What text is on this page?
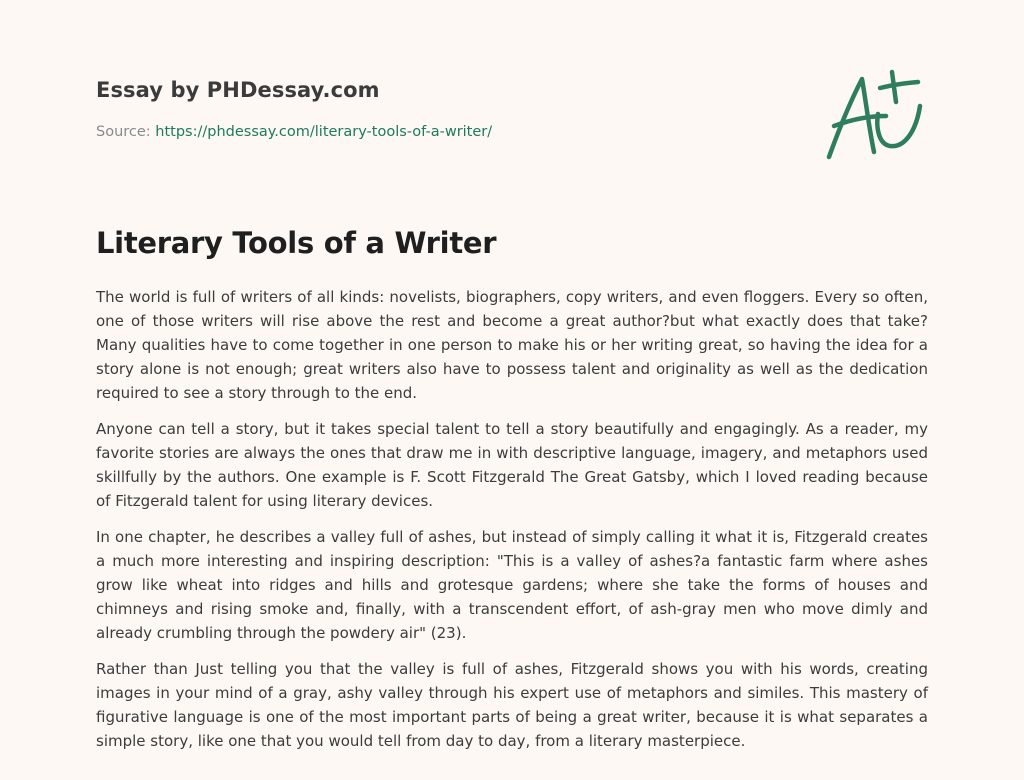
Essay by PHDessay.com
Source: https://phdessay.com/literary-tools-of-a-writer/
Literary Tools of a Writer

The world is full of writers of all kinds: novelists, biographers, copy writers, and even floggers. Every so often, one of those writers will rise above the rest and become a great author?but what exactly does that take? Many qualities have to come together in one person to make his or her writing great, so having the idea for a story alone is not enough; great writers also have to possess talent and originality as well as the dedication required to see a story through to the end.

Anyone can tell a story, but it takes special talent to tell a story beautifully and engagingly. As a reader, my favorite stories are always the ones that draw me in with descriptive language, imagery, and metaphors used skillfully by the authors. One example is F. Scott Fitzgerald The Great Gatsby, which I loved reading because of Fitzgerald talent for using literary devices.

In one chapter, he describes a valley full of ashes, but instead of simply calling it what it is, Fitzgerald creates a much more interesting and inspiring description: "This is a valley of ashes?a fantastic farm where ashes grow like wheat into ridges and hills and grotesque gardens; where she take the forms of houses and chimneys and rising smoke and, finally, with a transcendent effort, of ash-gray men who move dimly and already crumbling through the powdery air" (23).

Rather than Just telling you that the valley is full of ashes, Fitzgerald shows you with his words, creating images in your mind of a gray, ashy valley through his expert use of metaphors and similes. This mastery of figurative language is one of the most important parts of being a great writer, because it is what separates a simple story, like one that you would tell from day to day, from a literary masterpiece.
